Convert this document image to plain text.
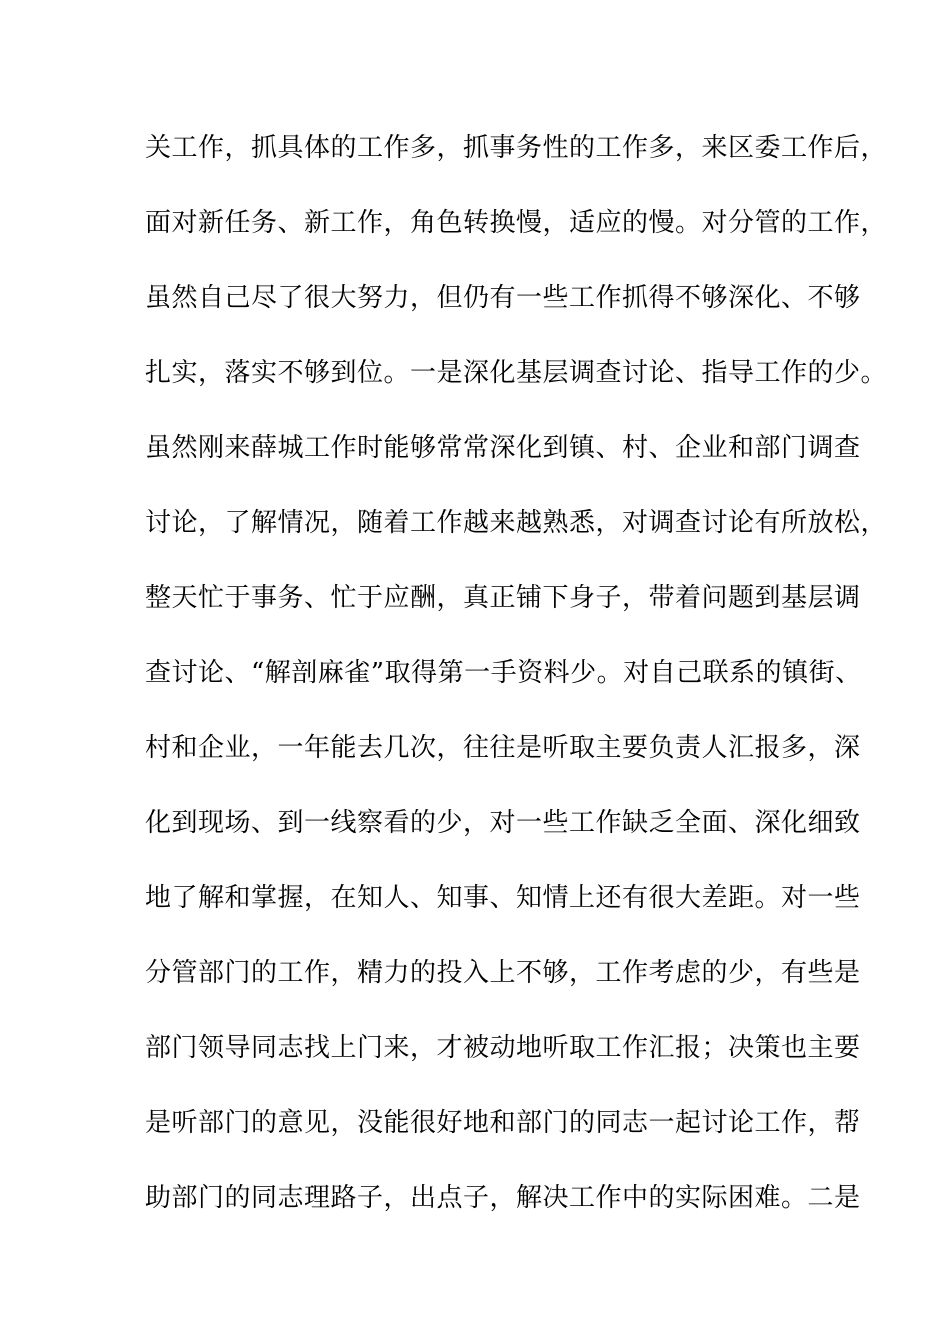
关工作，抓具体的工作多，抓事务性的工作多，来区委工作后，
面对新任务、新工作，角色转换慢，适应的慢。对分管的工作，
虽然自己尽了很大努力，但仍有一些工作抓得不够深化、不够
扎实，落实不够到位。一是深化基层调查讨论、指导工作的少。
虽然刚来薛城工作时能够常常深化到镇、村、企业和部门调查
讨论，了解情况，随着工作越来越熟悉，对调查讨论有所放松，
整天忙于事务、忙于应酬，真正铺下身子，带着问题到基层调
查讨论、“解剖麻雀”取得第一手资料少。对自己联系的镇街、
村和企业，一年能去几次，往往是听取主要负责人汇报多，深
化到现场、到一线察看的少，对一些工作缺乏全面、深化细致
地了解和掌握，在知人、知事、知情上还有很大差距。对一些
分管部门的工作，精力的投入上不够，工作考虑的少，有些是
部门领导同志找上门来，才被动地听取工作汇报；决策也主要
是听部门的意见，没能很好地和部门的同志一起讨论工作，帮
助部门的同志理路子，出点子，解决工作中的实际困难。二是
